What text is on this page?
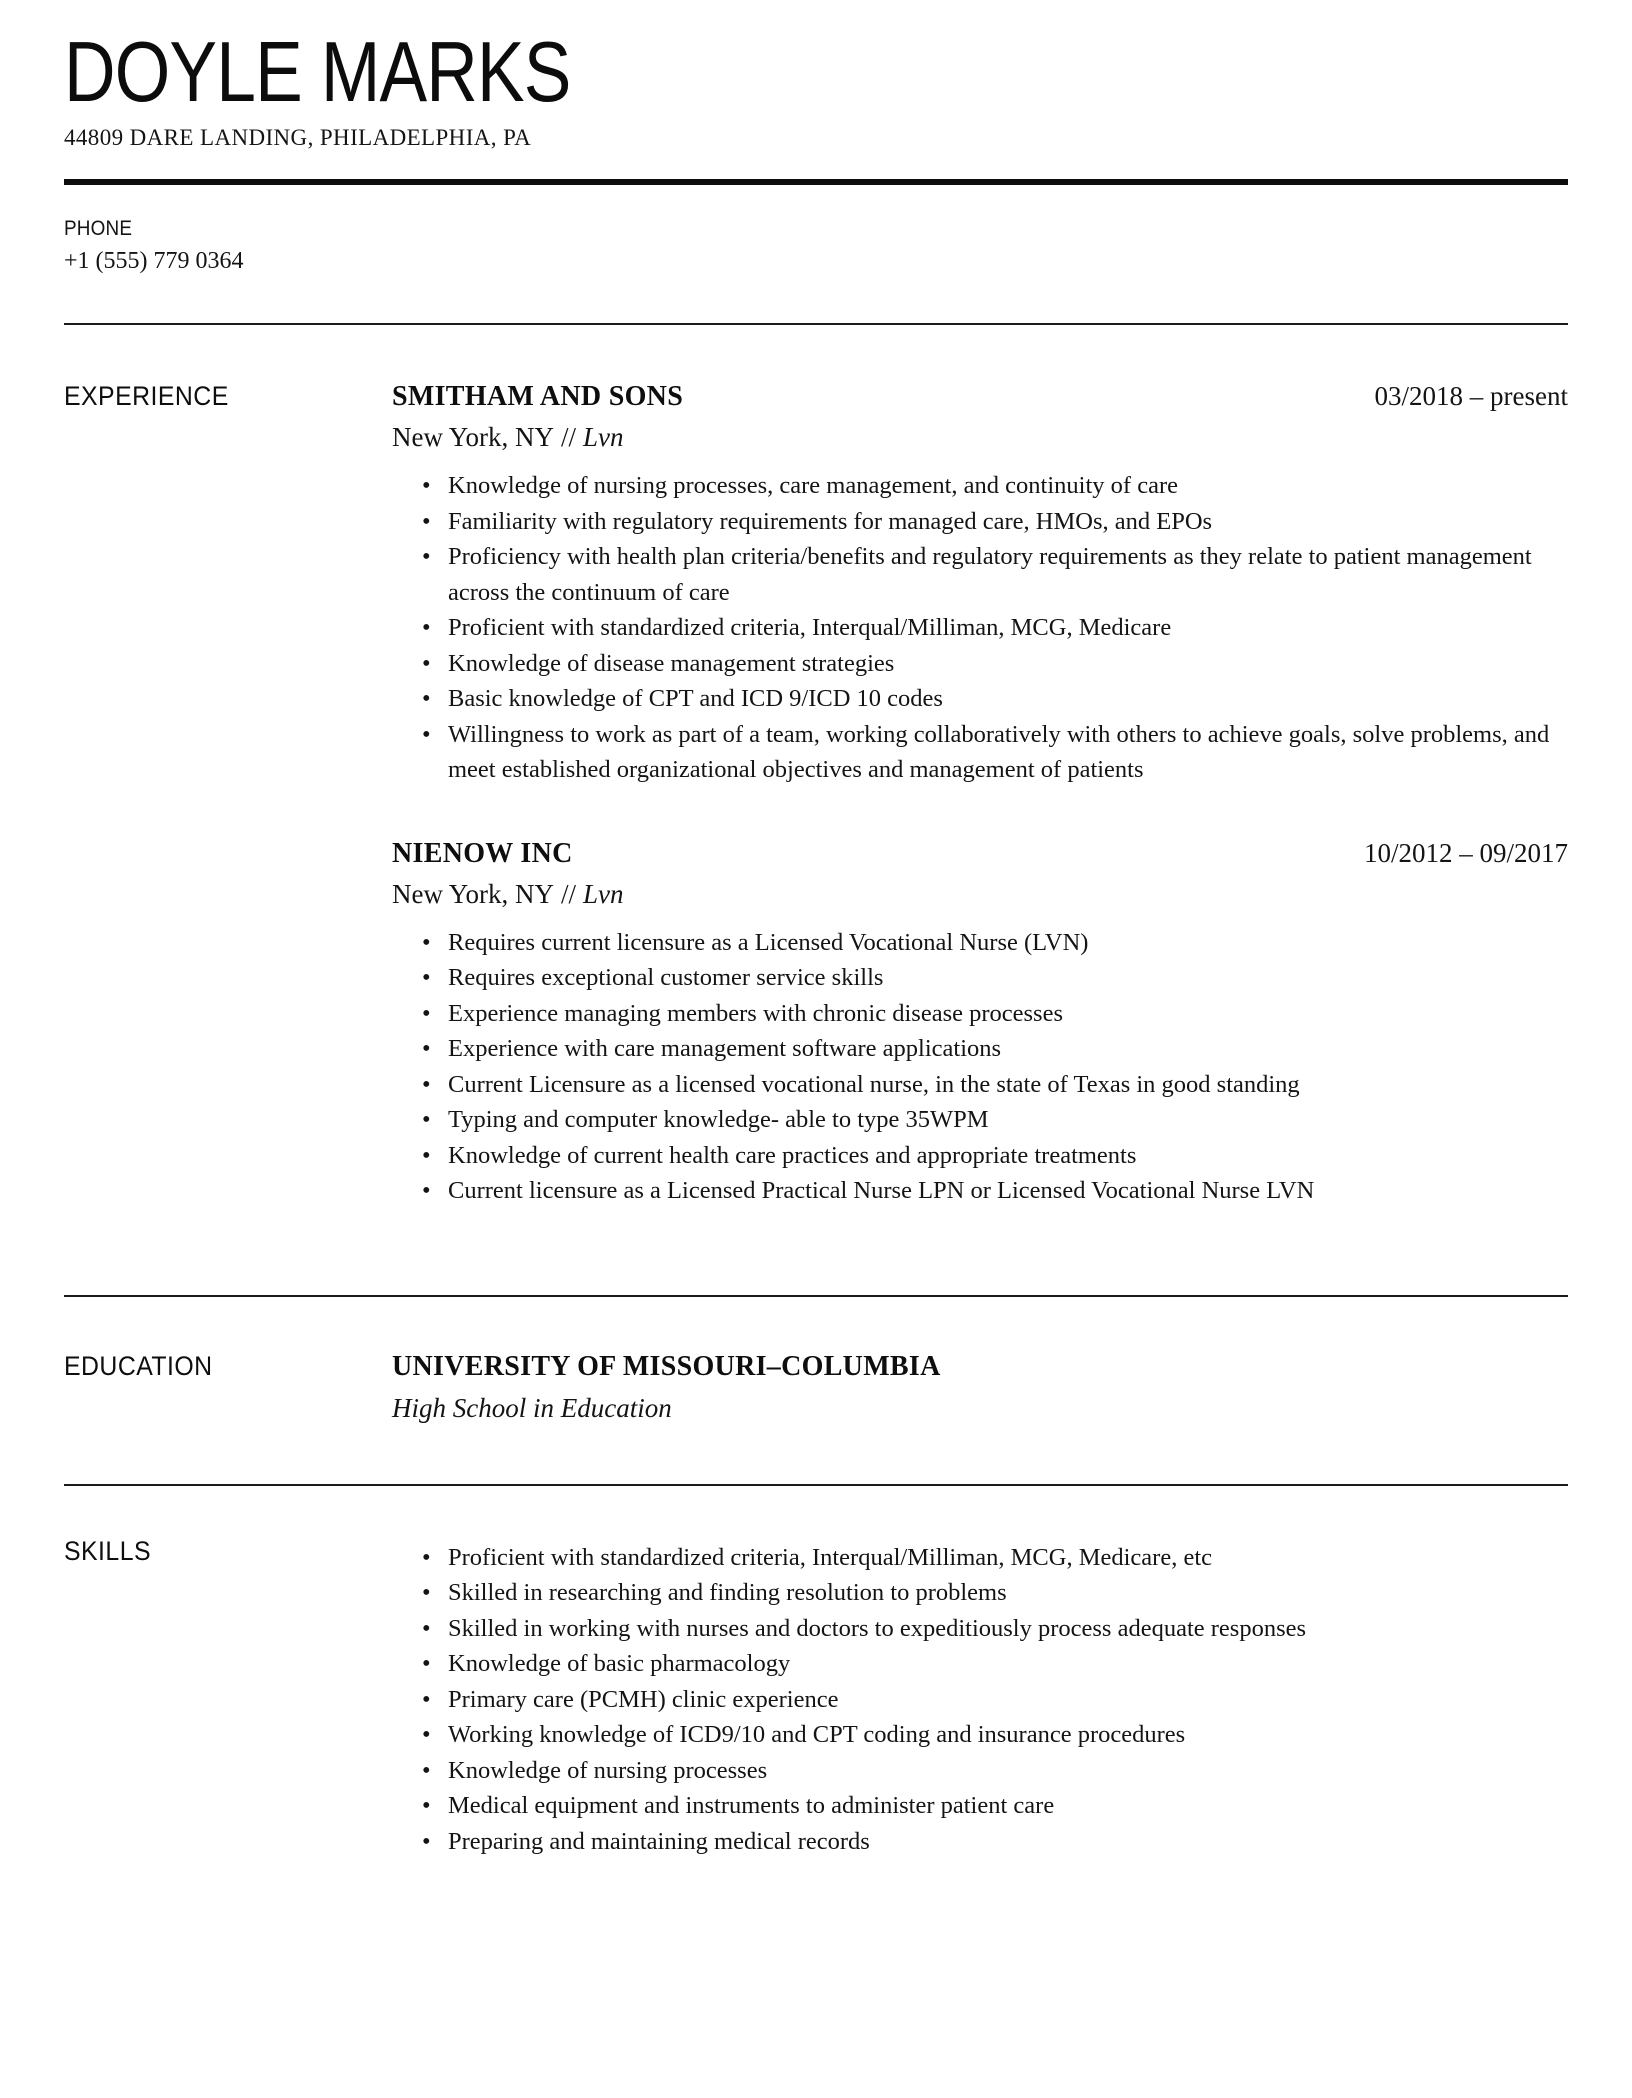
DOYLE MARKS
44809 DARE LANDING, PHILADELPHIA, PA
PHONE
+1 (555) 779 0364
EXPERIENCE	SMITHAM AND SONS	03/2018 – present
New York, NY // Lvn
• Knowledge of nursing processes, care management, and continuity of care
• Familiarity with regulatory requirements for managed care, HMOs, and EPOs
• Proficiency with health plan criteria/benefits and regulatory requirements as they relate to patient management across the continuum of care
• Proficient with standardized criteria, Interqual/Milliman, MCG, Medicare
• Knowledge of disease management strategies
• Basic knowledge of CPT and ICD 9/ICD 10 codes
• Willingness to work as part of a team, working collaboratively with others to achieve goals, solve problems, and meet established organizational objectives and management of patients
NIENOW INC	10/2012 – 09/2017
New York, NY // Lvn
• Requires current licensure as a Licensed Vocational Nurse (LVN)
• Requires exceptional customer service skills
• Experience managing members with chronic disease processes
• Experience with care management software applications
• Current Licensure as a licensed vocational nurse, in the state of Texas in good standing
• Typing and computer knowledge- able to type 35WPM
• Knowledge of current health care practices and appropriate treatments
• Current licensure as a Licensed Practical Nurse LPN or Licensed Vocational Nurse LVN
EDUCATION	UNIVERSITY OF MISSOURI–COLUMBIA
High School in Education
SKILLS	• Proficient with standardized criteria, Interqual/Milliman, MCG, Medicare, etc
• Skilled in researching and finding resolution to problems
• Skilled in working with nurses and doctors to expeditiously process adequate responses
• Knowledge of basic pharmacology
• Primary care (PCMH) clinic experience
• Working knowledge of ICD9/10 and CPT coding and insurance procedures
• Knowledge of nursing processes
• Medical equipment and instruments to administer patient care
• Preparing and maintaining medical records
